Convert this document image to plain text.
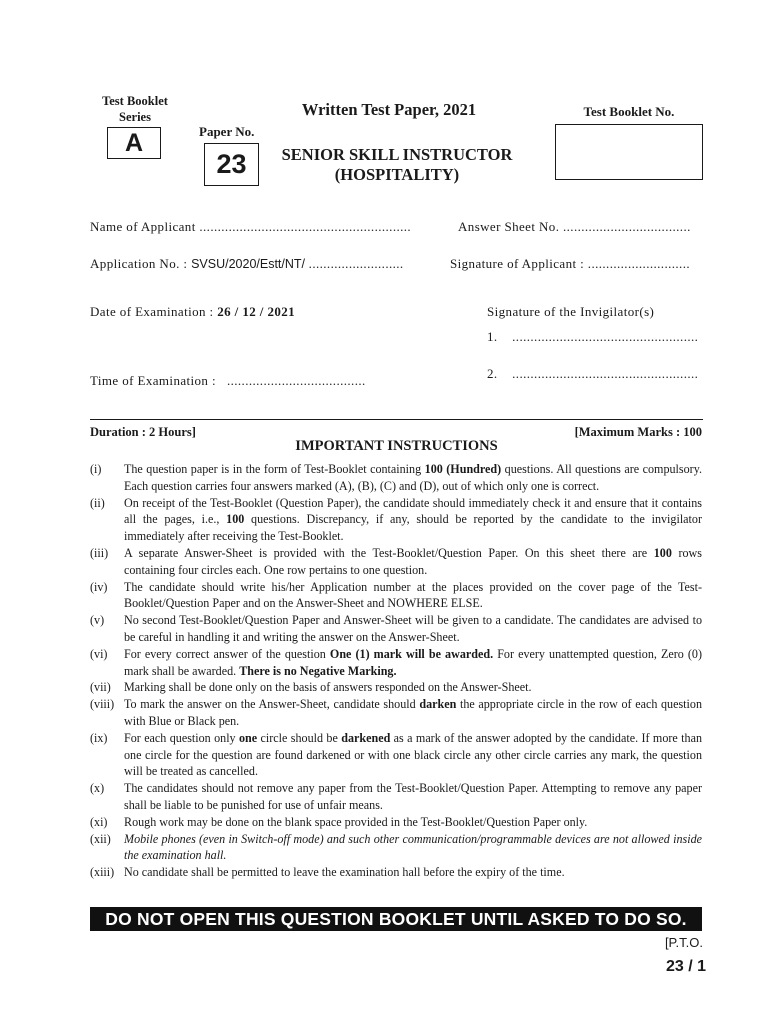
Test Booklet
Series
A	Paper No.
23
Written Test Paper, 2021
SENIOR SKILL INSTRUCTOR
(HOSPITALITY)
Test Booklet No.
Name of Applicant ..........................................................	Answer Sheet No. ...................................
Application No. : SVSU/2020/Estt/NT/ ..........................	Signature of Applicant : ............................
Date of Examination : 26 / 12 / 2021	Signature of the Invigilator(s)
1.    ...................................................
2.    ...................................................
Time of Examination :   ......................................
Duration : 2 Hours]	[Maximum Marks : 100
IMPORTANT INSTRUCTIONS
(i)	The question paper is in the form of Test-Booklet containing 100 (Hundred) questions. All questions are compulsory. Each question carries four answers marked (A), (B), (C) and (D), out of which only one is correct.
(ii)	On receipt of the Test-Booklet (Question Paper), the candidate should immediately check it and ensure that it contains all the pages, i.e., 100 questions. Discrepancy, if any, should be reported by the candidate to the invigilator immediately after receiving the Test-Booklet.
(iii)	A separate Answer-Sheet is provided with the Test-Booklet/Question Paper. On this sheet there are 100 rows containing four circles each. One row pertains to one question.
(iv)	The candidate should write his/her Application number at the places provided on the cover page of the Test-Booklet/Question Paper and on the Answer-Sheet and NOWHERE ELSE.
(v)	No second Test-Booklet/Question Paper and Answer-Sheet will be given to a candidate. The candidates are advised to be careful in handling it and writing the answer on the Answer-Sheet.
(vi)	For every correct answer of the question One (1) mark will be awarded. For every unattempted question, Zero (0) mark shall be awarded. There is no Negative Marking.
(vii)	Marking shall be done only on the basis of answers responded on the Answer-Sheet.
(viii) To mark the answer on the Answer-Sheet, candidate should darken the appropriate circle in the row of each question with Blue or Black pen.
(ix)	For each question only one circle should be darkened as a mark of the answer adopted by the candidate. If more than one circle for the question are found darkened or with one black circle any other circle carries any mark, the question will be treated as cancelled.
(x)	The candidates should not remove any paper from the Test-Booklet/Question Paper. Attempting to remove any paper shall be liable to be punished for use of unfair means.
(xi)	Rough work may be done on the blank space provided in the Test-Booklet/Question Paper only.
(xii)	Mobile phones (even in Switch-off mode) and such other communication/programmable devices are not allowed inside the examination hall.
(xiii) No candidate shall be permitted to leave the examination hall before the expiry of the time.
DO NOT OPEN THIS QUESTION BOOKLET UNTIL ASKED TO DO SO.
[P.T.O.
23 / 1
